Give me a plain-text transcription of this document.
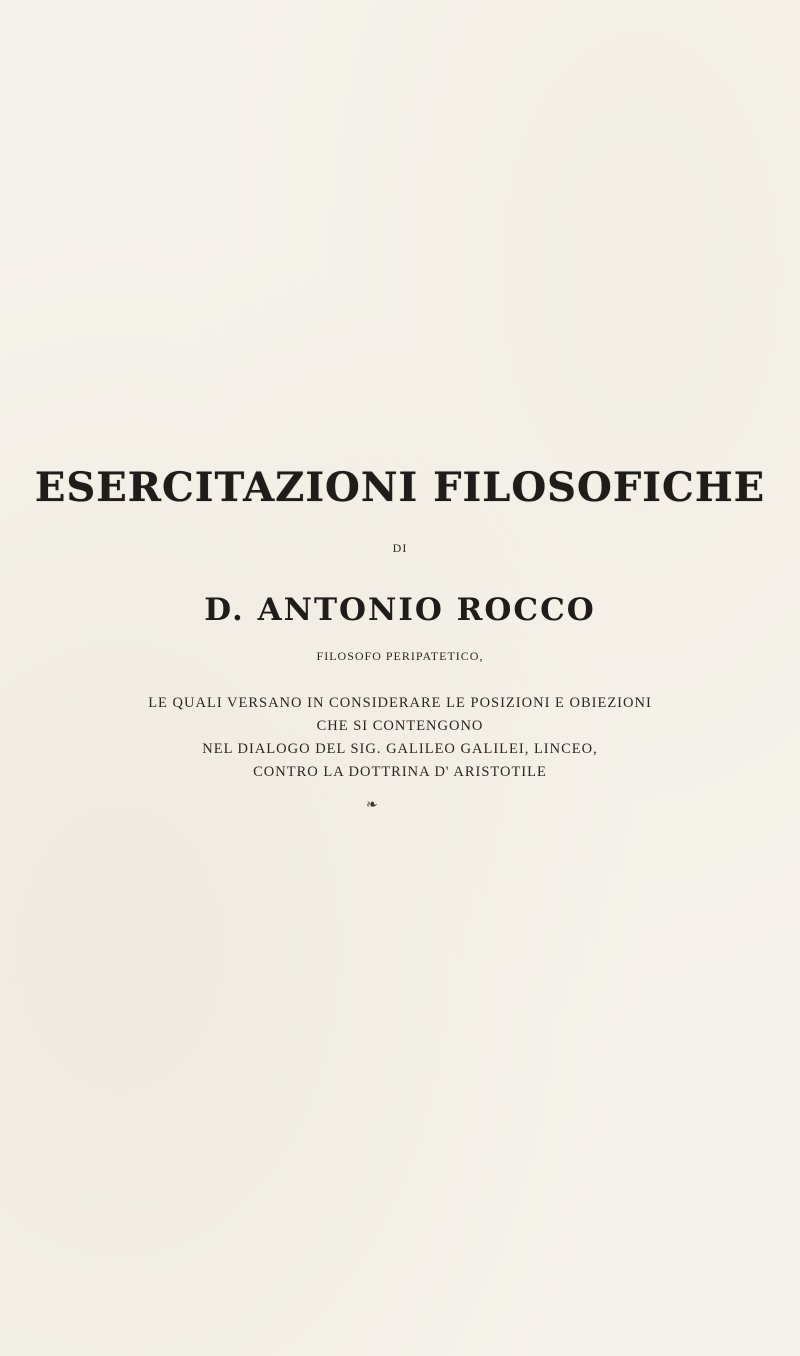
ESERCITAZIONI FILOSOFICHE
DI
D. ANTONIO ROCCO
FILOSOFO PERIPATETICO,
LE QUALI VERSANO IN CONSIDERARE LE POSIZIONI E OBIEZIONI
CHE SI CONTENGONO
NEL DIALOGO DEL SIG. GALILEO GALILEI, LINCEO,
CONTRO LA DOTTRINA D' ARISTOTILE
❧
